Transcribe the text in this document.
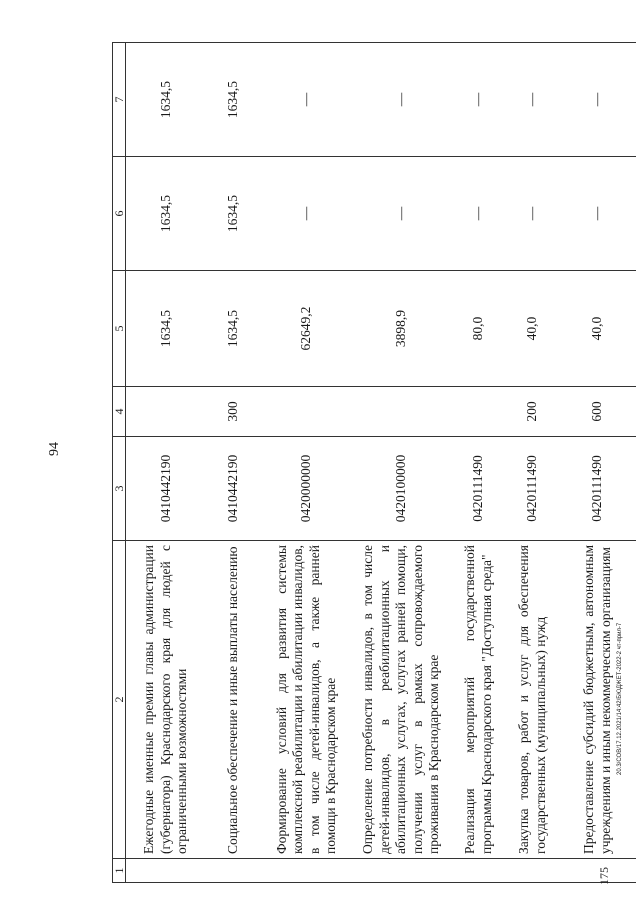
94
1	2	3	4	5	6	7
	Ежегодные именные премии главы администрации (губернатора) Краснодарского края для людей с ограниченными возможностями	0410442190		1634,5	1634,5	1634,5
	Социальное обеспечение и иные выплаты населению	0410442190	300	1634,5	1634,5	1634,5
	Формирование условий для развития системы комплексной реабилитации и абилитации инвалидов, в том числе детей-инвалидов, а также ранней помощи в Краснодарском крае	0420000000		62649,2	—	—
	Определение потребности инвалидов, в том числе детей-инвалидов, в реабилитационных и абилитационных услугах, услугах ранней помощи, получении услуг в рамках сопровождаемого проживания в Краснодарском крае	0420100000		3898,9	—	—
	Реализация мероприятий государственной программы Краснодарского края "Доступная среда"	0420111490		80,0	—	—
	Закупка товаров, работ и услуг для обеспечения государственных (муниципальных) нужд	0420111490	200	40,0	—	—
	Предоставление субсидий бюджетным, автономным учреждениям и иным некоммерческим организациям	0420111490	600	40,0	—	—
20.3/СОВ/17.12.2021/14:42/БЮДЖЕТ-2022-2 чт-прил-7
175
